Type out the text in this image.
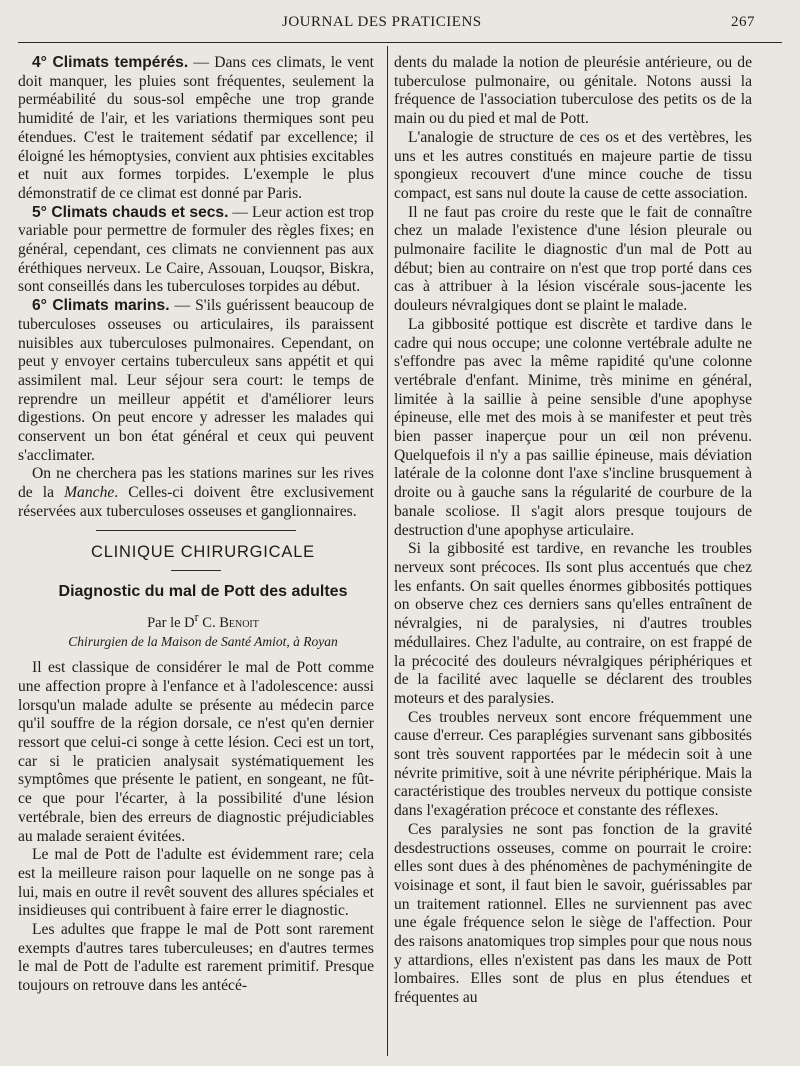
JOURNAL DES PRATICIENS	267

4° Climats tempérés. — Dans ces climats, le vent doit manquer, les pluies sont fréquentes, seulement la perméabilité du sous-sol empêche une trop grande humidité de l'air, et les variations thermiques sont peu étendues. C'est le traitement sédatif par excellence; il éloigné les hémoptysies, convient aux phtisies excitables et nuit aux formes torpides. L'exemple le plus démonstratif de ce climat est donné par Paris.

5° Climats chauds et secs. — Leur action est trop variable pour permettre de formuler des règles fixes; en général, cependant, ces climats ne conviennent pas aux éréthiques nerveux. Le Caire, Assouan, Louqsor, Biskra, sont conseillés dans les tuberculoses torpides au début.

6° Climats marins. — S'ils guérissent beaucoup de tuberculoses osseuses ou articulaires, ils paraissent nuisibles aux tuberculoses pulmonaires. Cependant, on peut y envoyer certains tuberculeux sans appétit et qui assimilent mal. Leur séjour sera court: le temps de reprendre un meilleur appétit et d'améliorer leurs digestions. On peut encore y adresser les malades qui conservent un bon état général et ceux qui peuvent s'acclimater.

On ne cherchera pas les stations marines sur les rives de la Manche. Celles-ci doivent être exclusivement réservées aux tuberculoses osseuses et ganglionnaires.

CLINIQUE CHIRURGICALE

Diagnostic du mal de Pott des adultes

Par le $D^r$ C. Benoit

Chirurgien de la Maison de Santé Amiot, à Royan

Il est classique de considérer le mal de Pott comme une affection propre à l'enfance et à l'adolescence: aussi lorsqu'un malade adulte se présente au médecin parce qu'il souffre de la région dorsale, ce n'est qu'en dernier ressort que celui-ci songe à cette lésion. Ceci est un tort, car si le praticien analysait systématiquement les symptômes que présente le patient, en songeant, ne fût-ce que pour l'écarter, à la possibilité d'une lésion vertébrale, bien des erreurs de diagnostic préjudiciables au malade seraient évitées.

Le mal de Pott de l'adulte est évidemment rare; cela est la meilleure raison pour laquelle on ne songe pas à lui, mais en outre il revêt souvent des allures spéciales et insidieuses qui contribuent à faire errer le diagnostic.

Les adultes que frappe le mal de Pott sont rarement exempts d'autres tares tuberculeuses; en d'autres termes le mal de Pott de l'adulte est rarement primitif. Presque toujours on retrouve dans les antécé-

dents du malade la notion de pleurésie antérieure, ou de tuberculose pulmonaire, ou génitale. Notons aussi la fréquence de l'association tuberculose des petits os de la main ou du pied et mal de Pott.

L'analogie de structure de ces os et des vertèbres, les uns et les autres constitués en majeure partie de tissu spongieux recouvert d'une mince couche de tissu compact, est sans nul doute la cause de cette association.

Il ne faut pas croire du reste que le fait de connaître chez un malade l'existence d'une lésion pleurale ou pulmonaire facilite le diagnostic d'un mal de Pott au début; bien au contraire on n'est que trop porté dans ces cas à attribuer à la lésion viscérale sous-jacente les douleurs névralgiques dont se plaint le malade.

La gibbosité pottique est discrète et tardive dans le cadre qui nous occupe; une colonne vertébrale adulte ne s'effondre pas avec la même rapidité qu'une colonne vertébrale d'enfant. Minime, très minime en général, limitée à la saillie à peine sensible d'une apophyse épineuse, elle met des mois à se manifester et peut très bien passer inaperçue pour un œil non prévenu. Quelquefois il n'y a pas saillie épineuse, mais déviation latérale de la colonne dont l'axe s'incline brusquement à droite ou à gauche sans la régularité de courbure de la banale scoliose. Il s'agit alors presque toujours de destruction d'une apophyse articulaire.

Si la gibbosité est tardive, en revanche les troubles nerveux sont précoces. Ils sont plus accentués que chez les enfants. On sait quelles énormes gibbosités pottiques on observe chez ces derniers sans qu'elles entraînent de névralgies, ni de paralysies, ni d'autres troubles médullaires. Chez l'adulte, au contraire, on est frappé de la précocité des douleurs névralgiques périphériques et de la facilité avec laquelle se déclarent des troubles moteurs et des paralysies.

Ces troubles nerveux sont encore fréquemment une cause d'erreur. Ces paraplégies survenant sans gibbosités sont très souvent rapportées par le médecin soit à une névrite primitive, soit à une névrite périphérique. Mais la caractéristique des troubles nerveux du pottique consiste dans l'exagération précoce et constante des réflexes.

Ces paralysies ne sont pas fonction de la gravité desdestructions osseuses, comme on pourrait le croire: elles sont dues à des phénomènes de pachyméningite de voisinage et sont, il faut bien le savoir, guérissables par un traitement rationnel. Elles ne surviennent pas avec une égale fréquence selon le siège de l'affection. Pour des raisons anatomiques trop simples pour que nous nous y attardions, elles n'existent pas dans les maux de Pott lombaires. Elles sont de plus en plus étendues et fréquentes au
